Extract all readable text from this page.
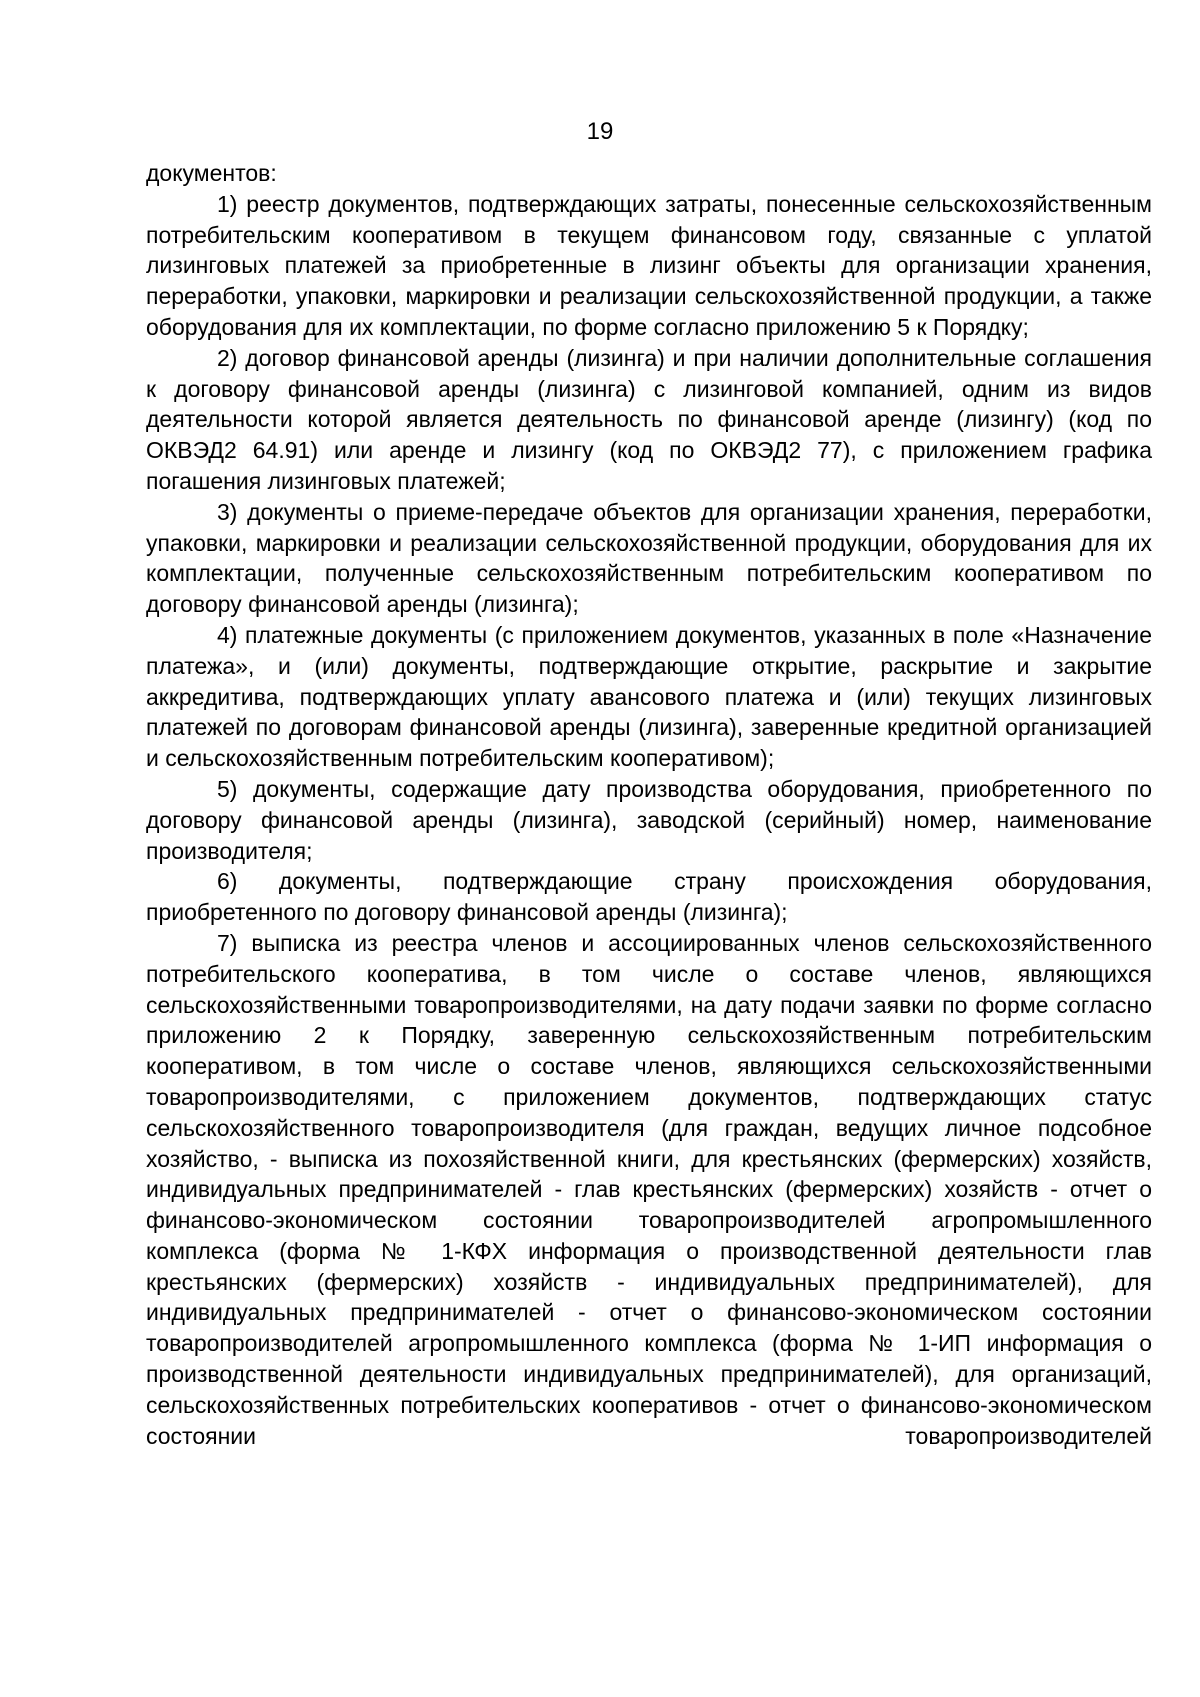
19

документов:

1) реестр документов, подтверждающих затраты, понесенные сельскохозяйственным потребительским кооперативом в текущем финансовом году, связанные с уплатой лизинговых платежей за приобретенные в лизинг объекты для организации хранения, переработки, упаковки, маркировки и реализации сельскохозяйственной продукции, а также оборудования для их комплектации, по форме согласно приложению 5 к Порядку;

2) договор финансовой аренды (лизинга) и при наличии дополнительные соглашения к договору финансовой аренды (лизинга) с лизинговой компанией, одним из видов деятельности которой является деятельность по финансовой аренде (лизингу) (код по ОКВЭД2 64.91) или аренде и лизингу (код по ОКВЭД2 77), с приложением графика погашения лизинговых платежей;

3) документы о приеме-передаче объектов для организации хранения, переработки, упаковки, маркировки и реализации сельскохозяйственной продукции, оборудования для их комплектации, полученные сельскохозяйственным потребительским кооперативом по договору финансовой аренды (лизинга);

4) платежные документы (с приложением документов, указанных в поле «Назначение платежа», и (или) документы, подтверждающие открытие, раскрытие и закрытие аккредитива, подтверждающих уплату авансового платежа и (или) текущих лизинговых платежей по договорам финансовой аренды (лизинга), заверенные кредитной организацией и сельскохозяйственным потребительским кооперативом);

5) документы, содержащие дату производства оборудования, приобретенного по договору финансовой аренды (лизинга), заводской (серийный) номер, наименование производителя;

6) документы, подтверждающие страну происхождения оборудования, приобретенного по договору финансовой аренды (лизинга);

7) выписка из реестра членов и ассоциированных членов сельскохозяйственного потребительского кооператива, в том числе о составе членов, являющихся сельскохозяйственными товаропроизводителями, на дату подачи заявки по форме согласно приложению 2 к Порядку, заверенную сельскохозяйственным потребительским кооперативом, в том числе о составе членов, являющихся сельскохозяйственными товаропроизводителями, с приложением документов, подтверждающих статус сельскохозяйственного товаропроизводителя (для граждан, ведущих личное подсобное хозяйство, - выписка из похозяйственной книги, для крестьянских (фермерских) хозяйств, индивидуальных предпринимателей - глав крестьянских (фермерских) хозяйств - отчет о финансово-экономическом состоянии товаропроизводителей агропромышленного комплекса (форма № 1-КФХ информация о производственной деятельности глав крестьянских (фермерских) хозяйств - индивидуальных предпринимателей), для индивидуальных предпринимателей - отчет о финансово-экономическом состоянии товаропроизводителей агропромышленного комплекса (форма № 1-ИП информация о производственной деятельности индивидуальных предпринимателей), для организаций, сельскохозяйственных потребительских кооперативов - отчет о финансово-экономическом состоянии товаропроизводителей
